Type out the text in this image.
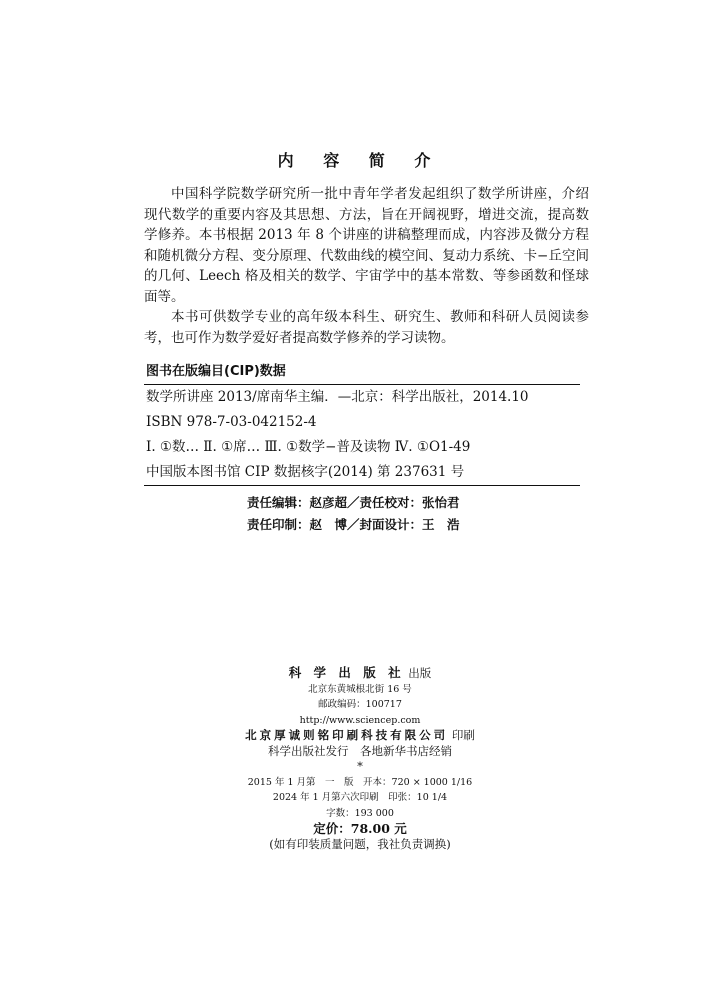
内 容 简 介

中国科学院数学研究所一批中青年学者发起组织了数学所讲座，介绍现代数学的重要内容及其思想、方法，旨在开阔视野，增进交流，提高数学修养。本书根据 2013 年 8 个讲座的讲稿整理而成，内容涉及微分方程和随机微分方程、变分原理、代数曲线的模空间、复动力系统、卡−丘空间的几何、Leech 格及相关的数学、宇宙学中的基本常数、等参函数和怪球面等。

本书可供数学专业的高年级本科生、研究生、教师和科研人员阅读参考，也可作为数学爱好者提高数学修养的学习读物。

图书在版编目(CIP)数据
数学所讲座 2013/席南华主编．—北京：科学出版社，2014.10
ISBN 978-7-03-042152-4
Ⅰ. ①数… Ⅱ. ①席… Ⅲ. ①数学−普及读物 Ⅳ. ①O1-49
中国版本图书馆 CIP 数据核字(2014) 第 237631 号
责任编辑：赵彦超／责任校对：张怡君
责任印制：赵　博／封面设计：王　浩
科 学 出 版 社 出版
北京东黄城根北街 16 号
邮政编码：100717
http://www.sciencep.com
北京厚诚则铭印刷科技有限公司 印刷
科学出版社发行　各地新华书店经销
*
2015 年 1 月第　一　版　开本：720 × 1000 1/16
2024 年 1 月第六次印刷　印张：10 1/4
字数：193 000
定价：78.00 元
(如有印装质量问题，我社负责调换)
